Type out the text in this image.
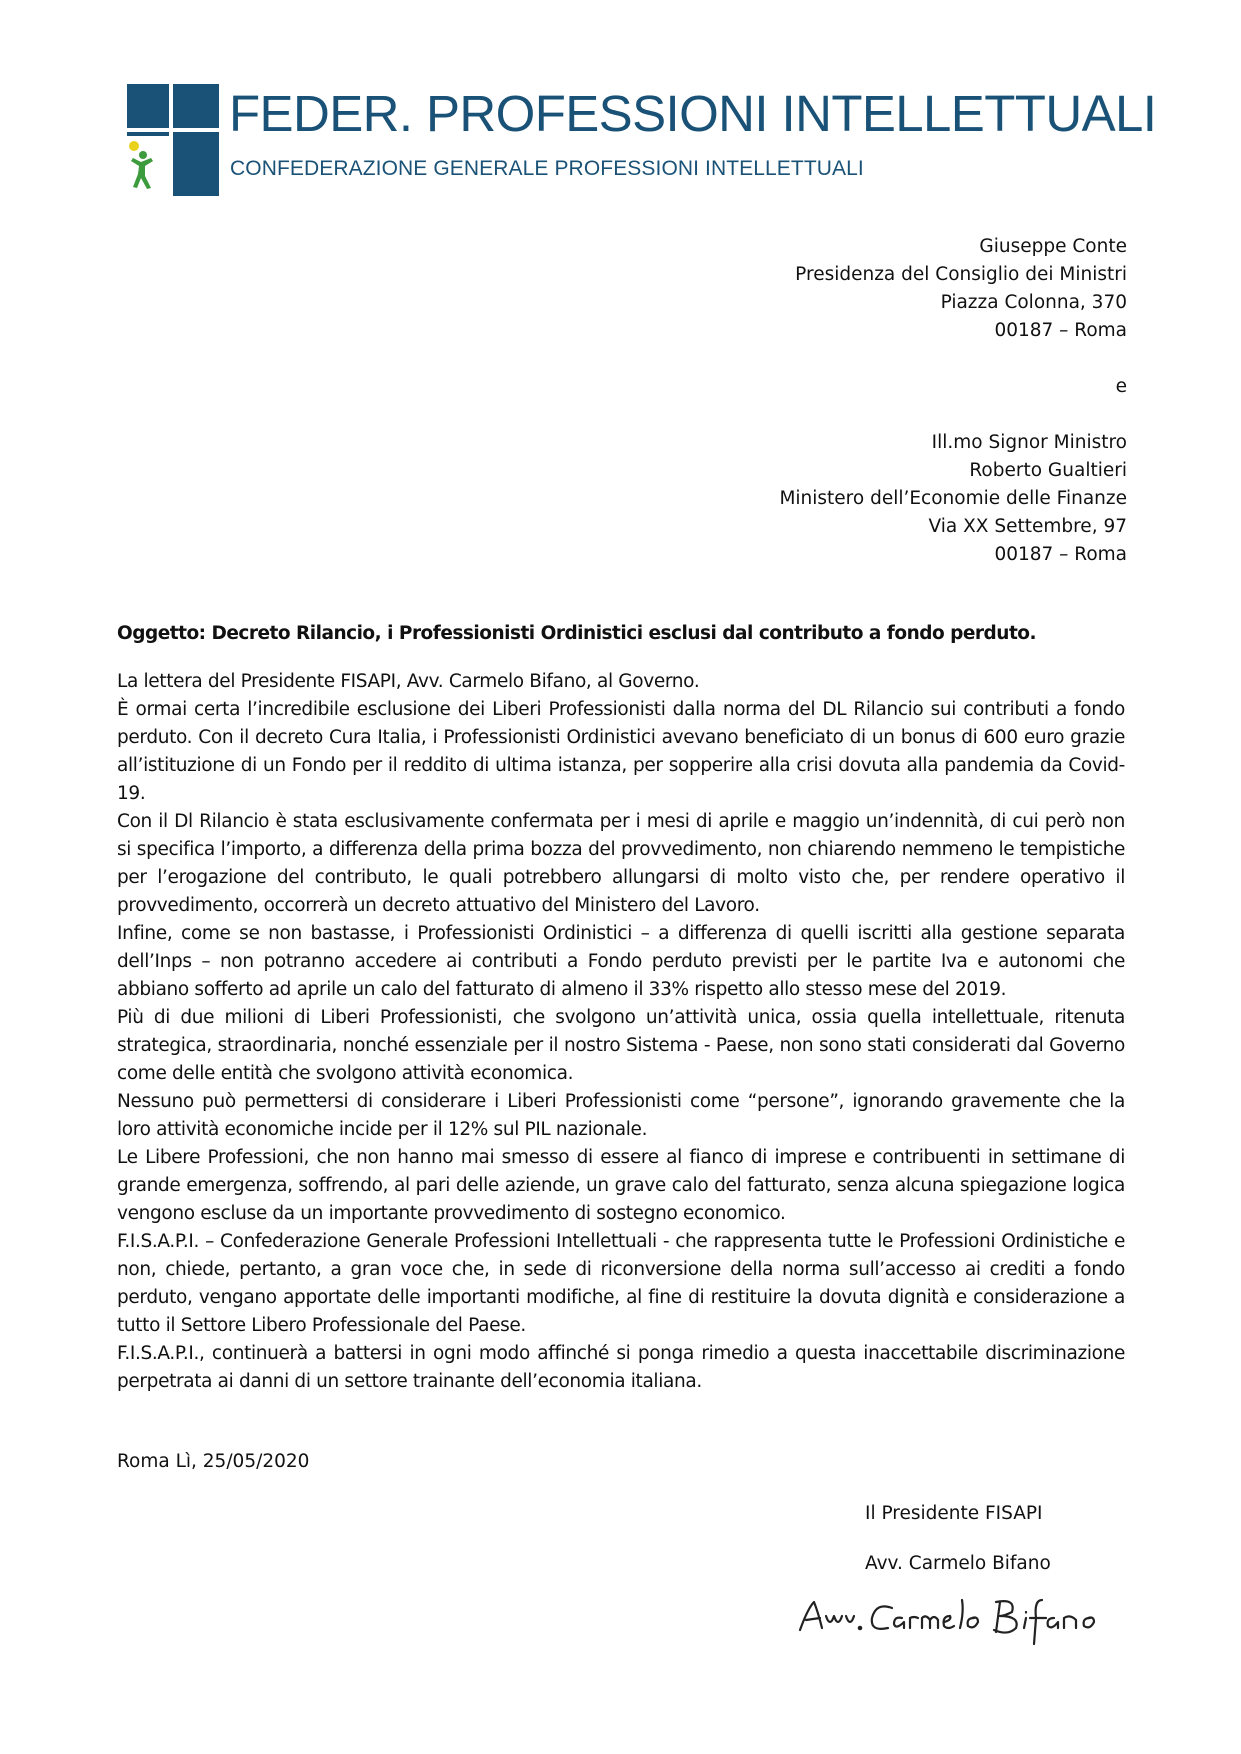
FEDER. PROFESSIONI INTELLETTUALI
CONFEDERAZIONE GENERALE PROFESSIONI INTELLETTUALI
Giuseppe Conte
Presidenza del Consiglio dei Ministri
Piazza Colonna, 370
00187 – Roma
e
Ill.mo Signor Ministro
Roberto Gualtieri
Ministero dell’Economie delle Finanze
Via XX Settembre, 97
00187 – Roma
Oggetto: Decreto Rilancio, i Professionisti Ordinistici esclusi dal contributo a fondo perduto.

La lettera del Presidente FISAPI, Avv. Carmelo Bifano, al Governo.

È ormai certa l’incredibile esclusione dei Liberi Professionisti dalla norma del DL Rilancio sui contributi a fondo perduto. Con il decreto Cura Italia, i Professionisti Ordinistici avevano beneficiato di un bonus di 600 euro grazie all’istituzione di un Fondo per il reddito di ultima istanza, per sopperire alla crisi dovuta alla pandemia da Covid-19.

Con il Dl Rilancio è stata esclusivamente confermata per i mesi di aprile e maggio un’indennità, di cui però non si specifica l’importo, a differenza della prima bozza del provvedimento, non chiarendo nemmeno le tempistiche per l’erogazione del contributo, le quali potrebbero allungarsi di molto visto che, per rendere operativo il provvedimento, occorrerà un decreto attuativo del Ministero del Lavoro.

Infine, come se non bastasse, i Professionisti Ordinistici – a differenza di quelli iscritti alla gestione separata dell’Inps – non potranno accedere ai contributi a Fondo perduto previsti per le partite Iva e autonomi che abbiano sofferto ad aprile un calo del fatturato di almeno il 33% rispetto allo stesso mese del 2019.

Più di due milioni di Liberi Professionisti, che svolgono un’attività unica, ossia quella intellettuale, ritenuta strategica, straordinaria, nonché essenziale per il nostro Sistema - Paese, non sono stati considerati dal Governo come delle entità che svolgono attività economica.

Nessuno può permettersi di considerare i Liberi Professionisti come “persone”, ignorando gravemente che la loro attività economiche incide per il 12% sul PIL nazionale.

Le Libere Professioni, che non hanno mai smesso di essere al fianco di imprese e contribuenti in settimane di grande emergenza, soffrendo, al pari delle aziende, un grave calo del fatturato, senza alcuna spiegazione logica vengono escluse da un importante provvedimento di sostegno economico.

F.I.S.A.P.I. – Confederazione Generale Professioni Intellettuali - che rappresenta tutte le Professioni Ordinistiche e non, chiede, pertanto, a gran voce che, in sede di riconversione della norma sull’accesso ai crediti a fondo perduto, vengano apportate delle importanti modifiche, al fine di restituire la dovuta dignità e considerazione a tutto il Settore Libero Professionale del Paese.

F.I.S.A.P.I., continuerà a battersi in ogni modo affinché si ponga rimedio a questa inaccettabile discriminazione perpetrata ai danni di un settore trainante dell’economia italiana.

Roma Lì, 25/05/2020
Il Presidente FISAPI
Avv. Carmelo Bifano
